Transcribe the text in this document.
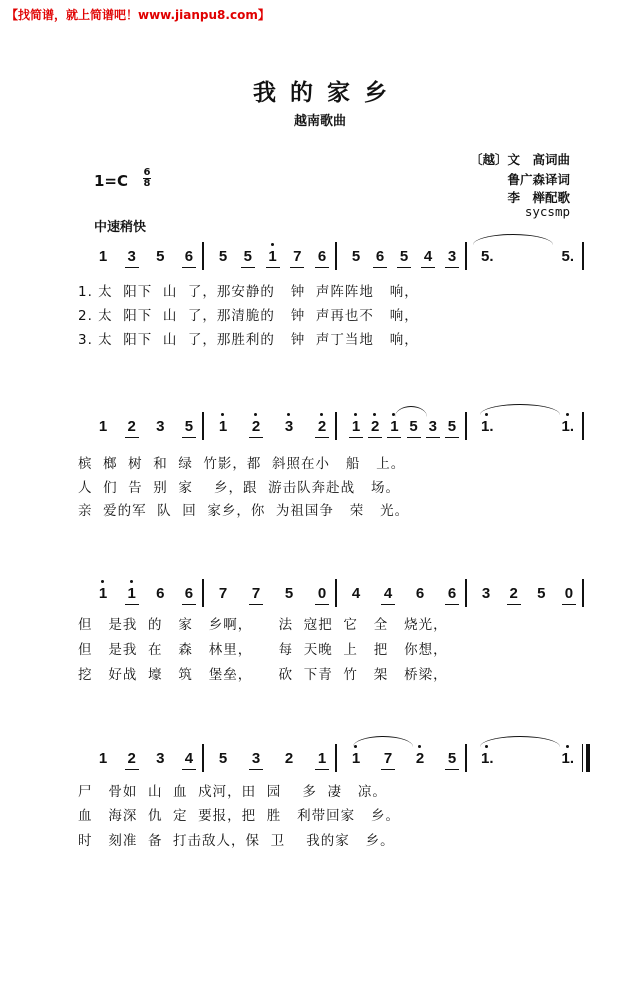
【找简谱，就上简谱吧！www.jianpu8.com】
我的家乡
越南歌曲
〔越〕文　高词曲
鲁广森译词
李　榉配歌
sycsmp
1=C 6
8
中速稍快
1 3 5 6 5 5 1 7 6 5 6 5 4 3 5.	5.
1. 太  阳下  山  了，那安静的   钟  声阵阵地   响，
2. 太  阳下  山  了，那清脆的   钟  声再也不   响，
3. 太  阳下  山  了，那胜利的   钟  声丁当地   响，
1 2 3 5 1 2 3 2 1 2 1 5 3 5 1.	1.
槟  榔  树  和  绿  竹影，都  斜照在小   船   上。
人  们  告  别  家    乡，跟  游击队奔赴战   场。
亲  爱的军  队  回  家乡，你  为祖国争   荣   光。
1 1 6 6 7 7 5 0 4 4 6 6 3 2 5 0
但   是我  的   家   乡啊，     法  寇把  它   全   烧光，
但   是我  在   森   林里，     每  天晚  上   把   你想，
挖   好战  壕   筑   堡垒，     砍  下青  竹   架   桥梁，
1 2 3 4 5 3 2 1 1 7 2 5 1.	1.
尸   骨如  山  血  戍河，田  园    多  凄   凉。
血   海深  仇  定  要报，把  胜   利带回家   乡。
时   刻准  备  打击敌人，保  卫    我的家   乡。
